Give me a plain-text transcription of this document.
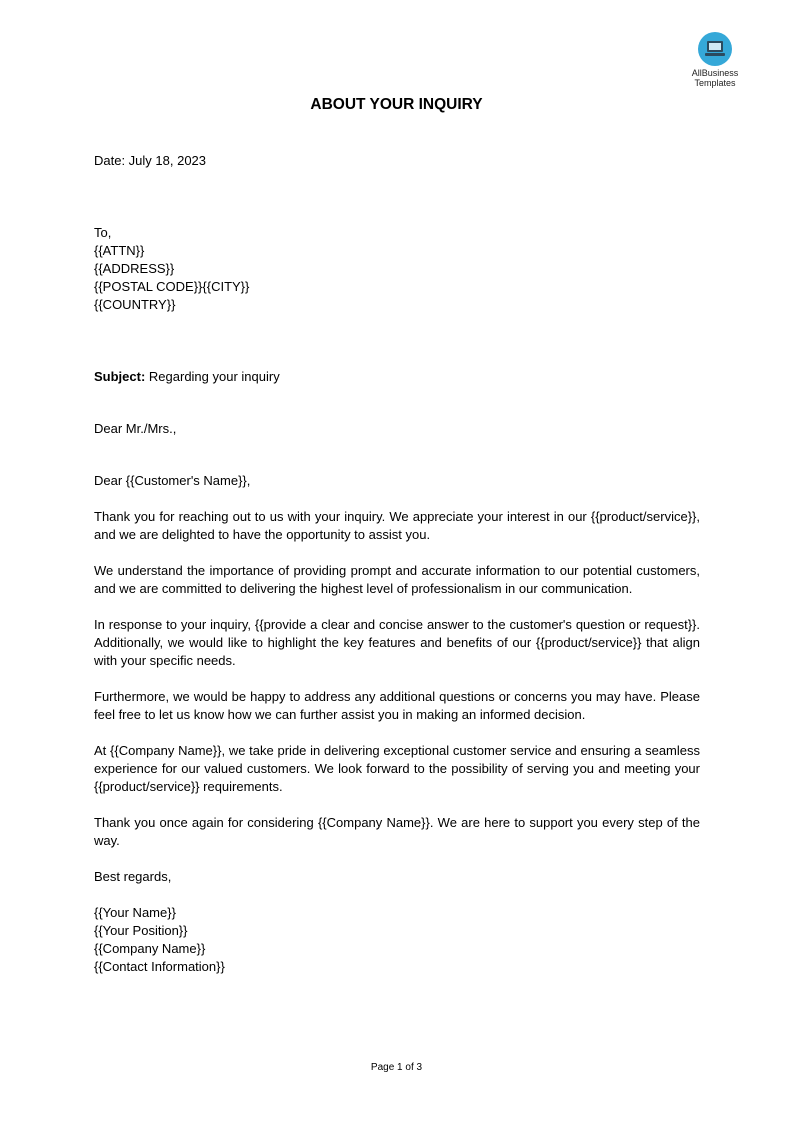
AllBusiness
Templates
ABOUT YOUR INQUIRY
Date: July 18, 2023
To,
{{ATTN}}
{{ADDRESS}}
{{POSTAL CODE}}{{CITY}}
{{COUNTRY}}
Subject: Regarding your inquiry
Dear Mr./Mrs.,
Dear {{Customer's Name}},

Thank you for reaching out to us with your inquiry. We appreciate your interest in our {{product/service}}, and we are delighted to have the opportunity to assist you.

We understand the importance of providing prompt and accurate information to our potential customers, and we are committed to delivering the highest level of professionalism in our communication.

In response to your inquiry, {{provide a clear and concise answer to the customer's question or request}}. Additionally, we would like to highlight the key features and benefits of our {{product/service}} that align with your specific needs.

Furthermore, we would be happy to address any additional questions or concerns you may have. Please feel free to let us know how we can further assist you in making an informed decision.

At {{Company Name}}, we take pride in delivering exceptional customer service and ensuring a seamless experience for our valued customers. We look forward to the possibility of serving you and meeting your {{product/service}} requirements.

Thank you once again for considering {{Company Name}}. We are here to support you every step of the way.

Best regards,
{{Your Name}}
{{Your Position}}
{{Company Name}}
{{Contact Information}}
Page 1 of 3
